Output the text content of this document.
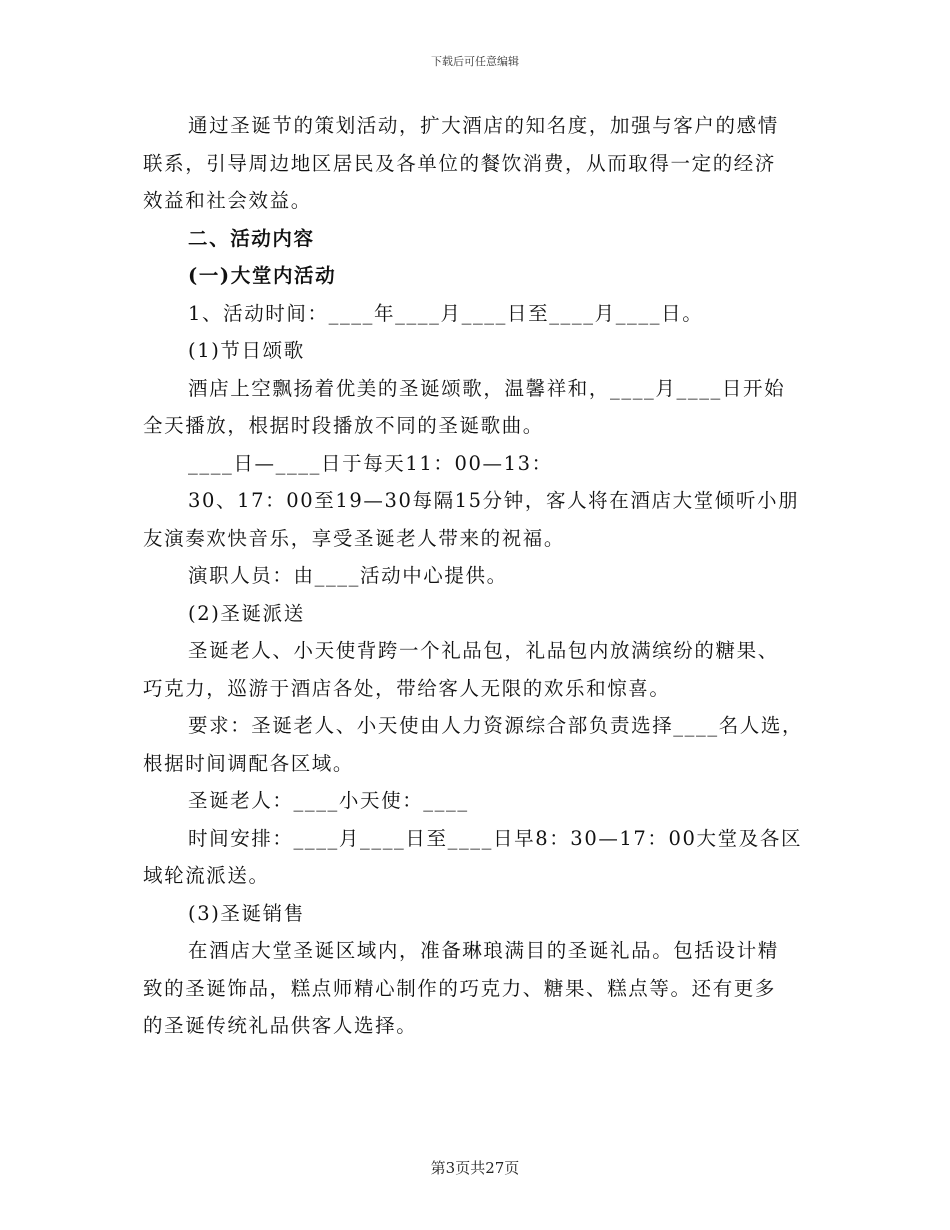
下载后可任意编辑
通过圣诞节的策划活动，扩大酒店的知名度，加强与客户的感情
联系，引导周边地区居民及各单位的餐饮消费，从而取得一定的经济
效益和社会效益。
二、活动内容
(一)大堂内活动
1、活动时间：____年____月____日至____月____日。
(1)节日颂歌
酒店上空飘扬着优美的圣诞颂歌，温馨祥和，____月____日开始
全天播放，根据时段播放不同的圣诞歌曲。
____日—____日于每天11：00—13：
30、17：00至19—30每隔15分钟，客人将在酒店大堂倾听小朋
友演奏欢快音乐，享受圣诞老人带来的祝福。
演职人员：由____活动中心提供。
(2)圣诞派送
圣诞老人、小天使背跨一个礼品包，礼品包内放满缤纷的糖果、
巧克力，巡游于酒店各处，带给客人无限的欢乐和惊喜。
要求：圣诞老人、小天使由人力资源综合部负责选择____名人选，
根据时间调配各区域。
圣诞老人：____小天使：____
时间安排：____月____日至____日早8：30—17：00大堂及各区
域轮流派送。
(3)圣诞销售
在酒店大堂圣诞区域内，准备琳琅满目的圣诞礼品。包括设计精
致的圣诞饰品，糕点师精心制作的巧克力、糖果、糕点等。还有更多
的圣诞传统礼品供客人选择。
第3页共27页
